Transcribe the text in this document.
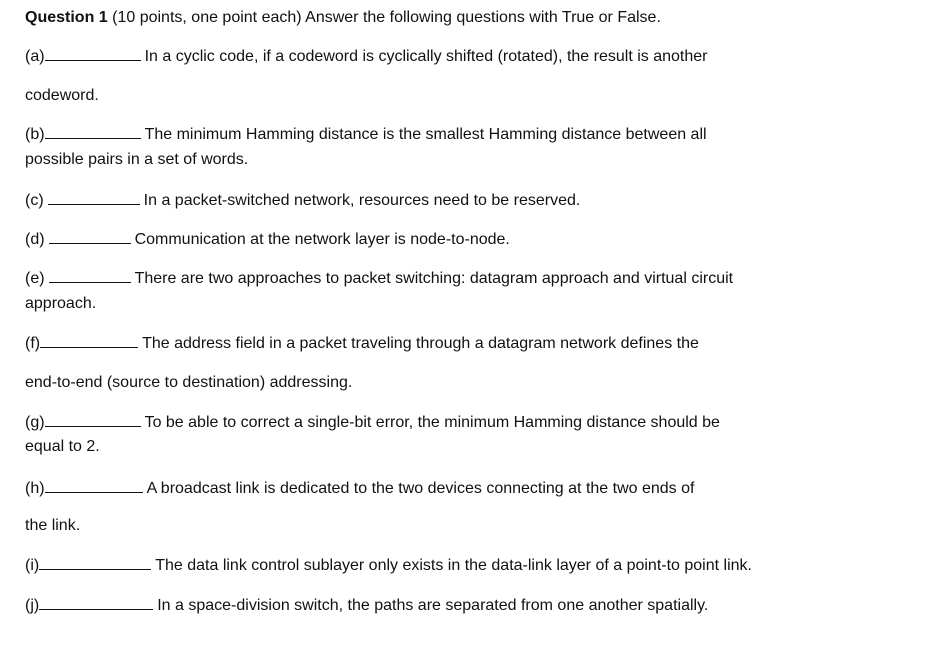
Question 1 (10 points, one point each) Answer the following questions with True or False.
(a)	In a cyclic code, if a codeword is cyclically shifted (rotated), the result is another
codeword.
(b)	The minimum Hamming distance is the smallest Hamming distance between all
possible pairs in a set of words.
(c)	In a packet-switched network, resources need to be reserved.
(d)	Communication at the network layer is node-to-node.
(e)	There are two approaches to packet switching: datagram approach and virtual circuit
approach.
(f)	The address field in a packet traveling through a datagram network defines the
end-to-end (source to destination) addressing.
(g)	To be able to correct a single-bit error, the minimum Hamming distance should be
equal to 2.
(h)	A broadcast link is dedicated to the two devices connecting at the two ends of
the link.
(i)	The data link control sublayer only exists in the data-link layer of a point-to point link.
(j)	In a space-division switch, the paths are separated from one another spatially.
